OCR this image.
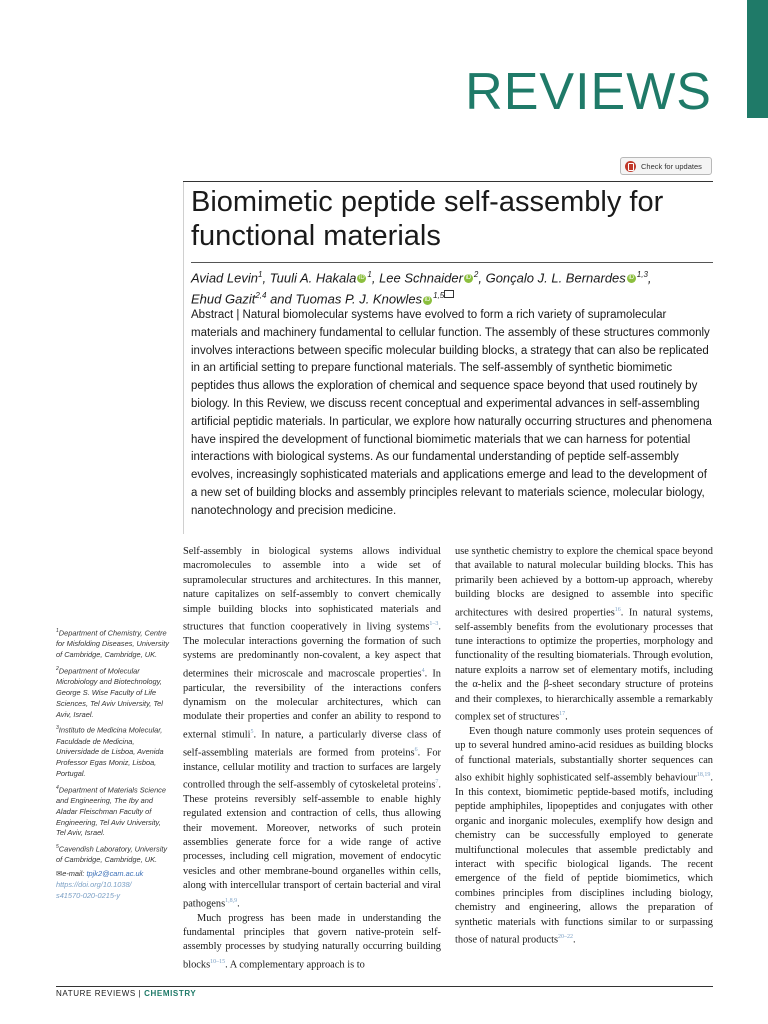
REVIEWS
Check for updates
Biomimetic peptide self-assembly for functional materials
Aviad Levin$^1$, Tuuli A. Hakala iD $^1$, Lee Schnaider iD $^2$, Gonçalo J. L. Bernardes iD $^{1,3}$,
Ehud Gazit$^{2,4}$ and Tuomas P. J. Knowles iD $^{1,5}$
Abstract | Natural biomolecular systems have evolved to form a rich variety of supramolecular materials and machinery fundamental to cellular function. The assembly of these structures commonly involves interactions between specific molecular building blocks, a strategy that can also be replicated in an artificial setting to prepare functional materials. The self-assembly of synthetic biomimetic peptides thus allows the exploration of chemical and sequence space beyond that used routinely by biology. In this Review, we discuss recent conceptual and experimental advances in self-assembling artificial peptidic materials. In particular, we explore how naturally occurring structures and phenomena have inspired the development of functional biomimetic materials that we can harness for potential interactions with biological systems. As our fundamental understanding of peptide self-assembly evolves, increasingly sophisticated materials and applications emerge and lead to the development of a new set of building blocks and assembly principles relevant to materials science, molecular biology, nanotechnology and precision medicine.

$^1$Department of Chemistry, Centre for Misfolding Diseases, University of Cambridge, Cambridge, UK.

$^2$Department of Molecular Microbiology and Biotechnology, George S. Wise Faculty of Life Sciences, Tel Aviv University, Tel Aviv, Israel.

$^3$Instituto de Medicina Molecular, Faculdade de Medicina, Universidade de Lisboa, Avenida Professor Egas Moniz, Lisboa, Portugal.

$^4$Department of Materials Science and Engineering, The Iby and Aladar Fleischman Faculty of Engineering, Tel Aviv University, Tel Aviv, Israel.

$^5$Cavendish Laboratory, University of Cambridge, Cambridge, UK.

✉e-mail: tpjk2@cam.ac.uk
https://doi.org/10.1038/
s41570-020-0215-y

Self-assembly in biological systems allows individual macromolecules to assemble into a wide set of supramolecular structures and architectures. In this manner, nature capitalizes on self-assembly to convert chemically simple building blocks into sophisticated materials and structures that function cooperatively in living systems$^{1-3}$. The molecular interactions governing the formation of such systems are predominantly non-covalent, a key aspect that determines their microscale and macroscale properties$^4$. In particular, the reversibility of the interactions confers dynamism on the molecular architectures, which can modulate their properties and confer an ability to respond to external stimuli$^5$. In nature, a particularly diverse class of self-assembling materials are formed from proteins$^6$. For instance, cellular motility and traction to surfaces are largely controlled through the self-assembly of cytoskeletal proteins$^7$. These proteins reversibly self-assemble to enable highly regulated extension and contraction of cells, thus allowing their movement. Moreover, networks of such protein assemblies generate force for a wide range of active processes, including cell migration, movement of endocytic vesicles and other membrane-bound organelles within cells, along with intercellular transport of certain bacterial and viral pathogens$^{1,8,9}$.

Much progress has been made in understanding the fundamental principles that govern native-protein self-assembly processes by studying naturally occurring building blocks$^{10-15}$. A complementary approach is to

use synthetic chemistry to explore the chemical space beyond that available to natural molecular building blocks. This has primarily been achieved by a bottom-up approach, whereby building blocks are designed to assemble into specific architectures with desired properties$^{16}$. In natural systems, self-assembly benefits from the evolutionary processes that tune interactions to optimize the properties, morphology and functionality of the resulting biomaterials. Through evolution, nature exploits a narrow set of elementary motifs, including the α-helix and the β-sheet secondary structure of proteins and their complexes, to hierarchically assemble a remarkably complex set of structures$^{17}$.

Even though nature commonly uses protein sequences of up to several hundred amino-acid residues as building blocks of functional materials, substantially shorter sequences can also exhibit highly sophisticated self-assembly behaviour$^{18,19}$. In this context, biomimetic peptide-based motifs, including peptide amphiphiles, lipopeptides and conjugates with other organic and inorganic molecules, exemplify how design and chemistry can be successfully employed to generate multifunctional molecules that assemble predictably and interact with specific biological ligands. The recent emergence of the field of peptide biomimetics, which combines principles from disciplines including biology, chemistry and engineering, allows the preparation of synthetic materials with functions similar to or surpassing those of natural products$^{20-22}$.

NATURE REVIEWS | CHEMISTRY
